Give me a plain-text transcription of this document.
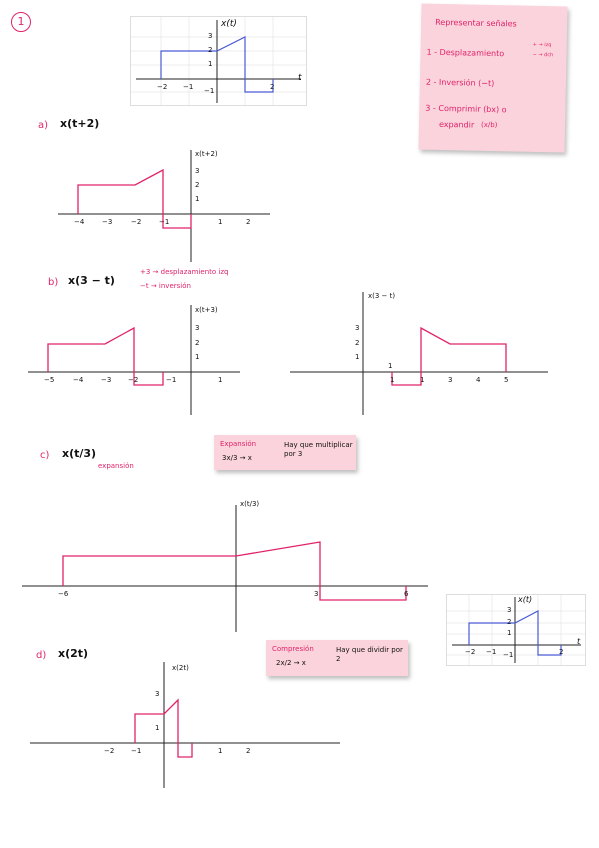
1	x(t)
t
3
2
1
−2 −1 −1	2
Representar señales
1 - Desplazamiento
+ → izq
− → dch
2 - Inversión (−t)
3 - Comprimir (bx) o
expandir (x/b)
a) x(t+2)
x(t+2)
3
2
1
−4	−3	−2	−1	1	2
b) x(3 − t)
+3 → desplazamiento izq
−t → inversión
x(t+3)
3
2
1
−5	−4	−3 −2	−1	1
x(3 − t)
3
2
1
1
1	1	3	4	5
c) x(t/3)
expansión
Expansión
3x/3 → x
Hay que multiplicar por 3
x(t/3)
−6	3	6
x(t)
t
3
2
1
−2 −1 −1	2
d) x(2t)	Compresión
2x/2 → x
Hay que dividir por 2
x(2t)
3
1
−2 −1	1	2
